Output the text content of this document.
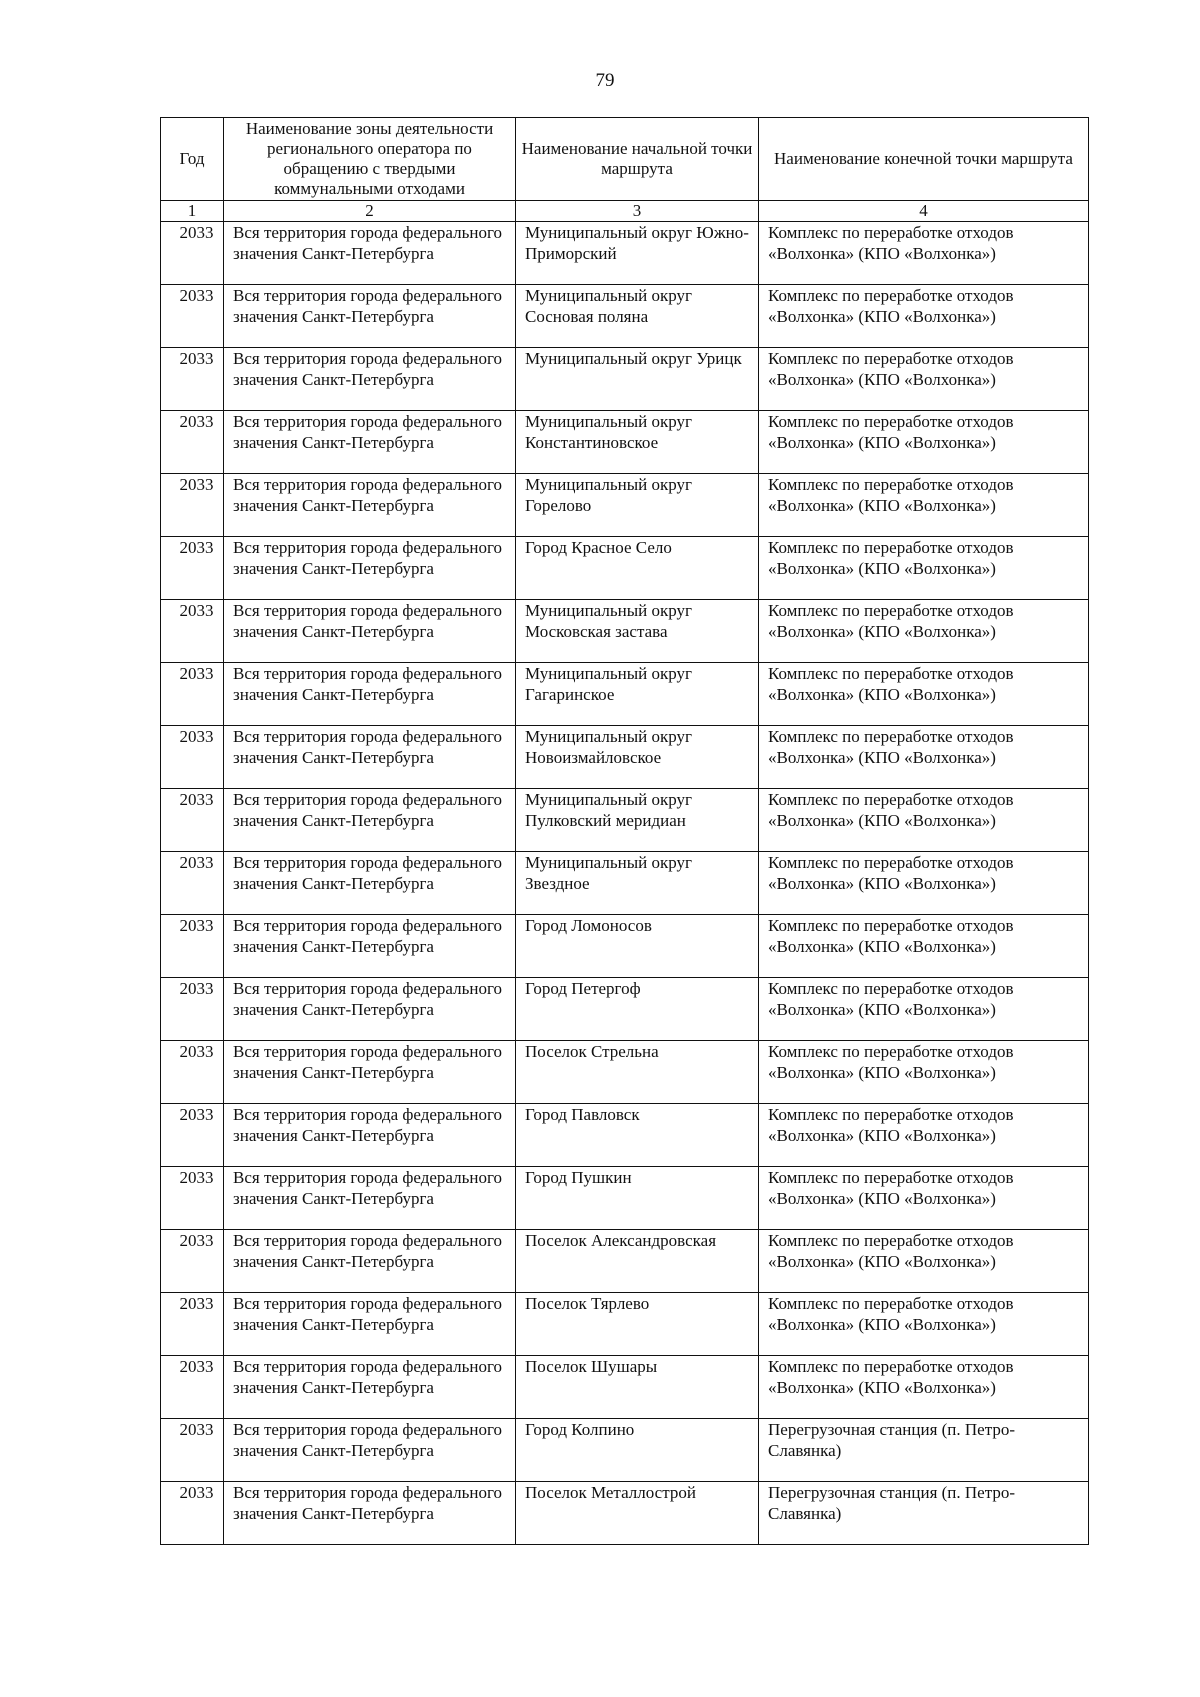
79
Год	Наименование зоны деятельности регионального оператора по обращению с твердыми коммунальными отходами	Наименование начальной точки маршрута	Наименование конечной точки маршрута
1	2	3	4
2033	Вся территория города федерального значения Санкт-Петербурга	Муниципальный округ Южно-Приморский	Комплекс по переработке отходов «Волхонка» (КПО «Волхонка»)
2033	Вся территория города федерального значения Санкт-Петербурга	Муниципальный округ Сосновая поляна	Комплекс по переработке отходов «Волхонка» (КПО «Волхонка»)
2033	Вся территория города федерального значения Санкт-Петербурга	Муниципальный округ Урицк	Комплекс по переработке отходов «Волхонка» (КПО «Волхонка»)
2033	Вся территория города федерального значения Санкт-Петербурга	Муниципальный округ Константиновское	Комплекс по переработке отходов «Волхонка» (КПО «Волхонка»)
2033	Вся территория города федерального значения Санкт-Петербурга	Муниципальный округ Горелово	Комплекс по переработке отходов «Волхонка» (КПО «Волхонка»)
2033	Вся территория города федерального значения Санкт-Петербурга	Город Красное Село	Комплекс по переработке отходов «Волхонка» (КПО «Волхонка»)
2033	Вся территория города федерального значения Санкт-Петербурга	Муниципальный округ Московская застава	Комплекс по переработке отходов «Волхонка» (КПО «Волхонка»)
2033	Вся территория города федерального значения Санкт-Петербурга	Муниципальный округ Гагаринское	Комплекс по переработке отходов «Волхонка» (КПО «Волхонка»)
2033	Вся территория города федерального значения Санкт-Петербурга	Муниципальный округ Новоизмайловское	Комплекс по переработке отходов «Волхонка» (КПО «Волхонка»)
2033	Вся территория города федерального значения Санкт-Петербурга	Муниципальный округ Пулковский меридиан	Комплекс по переработке отходов «Волхонка» (КПО «Волхонка»)
2033	Вся территория города федерального значения Санкт-Петербурга	Муниципальный округ Звездное	Комплекс по переработке отходов «Волхонка» (КПО «Волхонка»)
2033	Вся территория города федерального значения Санкт-Петербурга	Город Ломоносов	Комплекс по переработке отходов «Волхонка» (КПО «Волхонка»)
2033	Вся территория города федерального значения Санкт-Петербурга	Город Петергоф	Комплекс по переработке отходов «Волхонка» (КПО «Волхонка»)
2033	Вся территория города федерального значения Санкт-Петербурга	Поселок Стрельна	Комплекс по переработке отходов «Волхонка» (КПО «Волхонка»)
2033	Вся территория города федерального значения Санкт-Петербурга	Город Павловск	Комплекс по переработке отходов «Волхонка» (КПО «Волхонка»)
2033	Вся территория города федерального значения Санкт-Петербурга	Город Пушкин	Комплекс по переработке отходов «Волхонка» (КПО «Волхонка»)
2033	Вся территория города федерального значения Санкт-Петербурга	Поселок Александровская	Комплекс по переработке отходов «Волхонка» (КПО «Волхонка»)
2033	Вся территория города федерального значения Санкт-Петербурга	Поселок Тярлево	Комплекс по переработке отходов «Волхонка» (КПО «Волхонка»)
2033	Вся территория города федерального значения Санкт-Петербурга	Поселок Шушары	Комплекс по переработке отходов «Волхонка» (КПО «Волхонка»)
2033	Вся территория города федерального значения Санкт-Петербурга	Город Колпино	Перегрузочная станция (п. Петро-Славянка)
2033	Вся территория города федерального значения Санкт-Петербурга	Поселок Металлострой	Перегрузочная станция (п. Петро-Славянка)
